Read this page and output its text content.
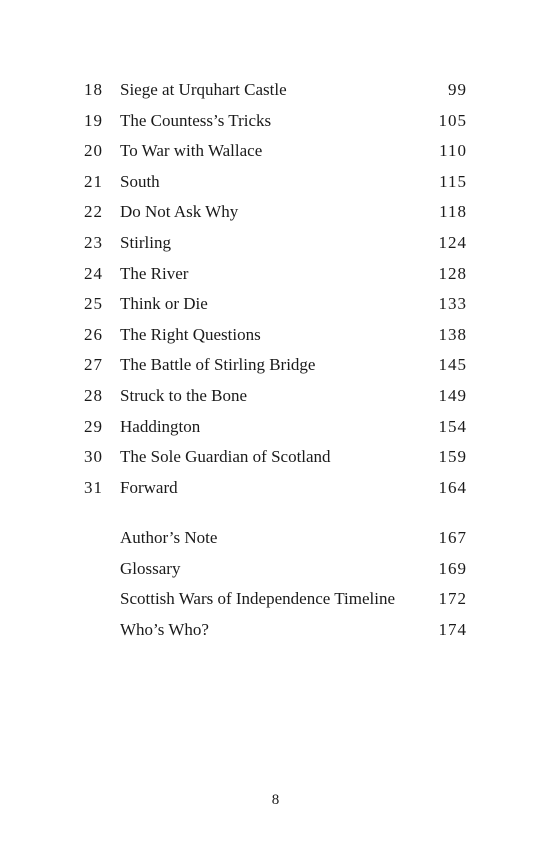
18	Siege at Urquhart Castle	99
19	The Countess’s Tricks	105
20	To War with Wallace	110
21	South	115
22	Do Not Ask Why	118
23	Stirling	124
24	The River	128
25	Think or Die	133
26	The Right Questions	138
27	The Battle of Stirling Bridge	145
28	Struck to the Bone	149
29	Haddington	154
30	The Sole Guardian of Scotland	159
31	Forward	164
Author’s Note	167
Glossary	169
Scottish Wars of Independence Timeline	172
Who’s Who?	174
8
